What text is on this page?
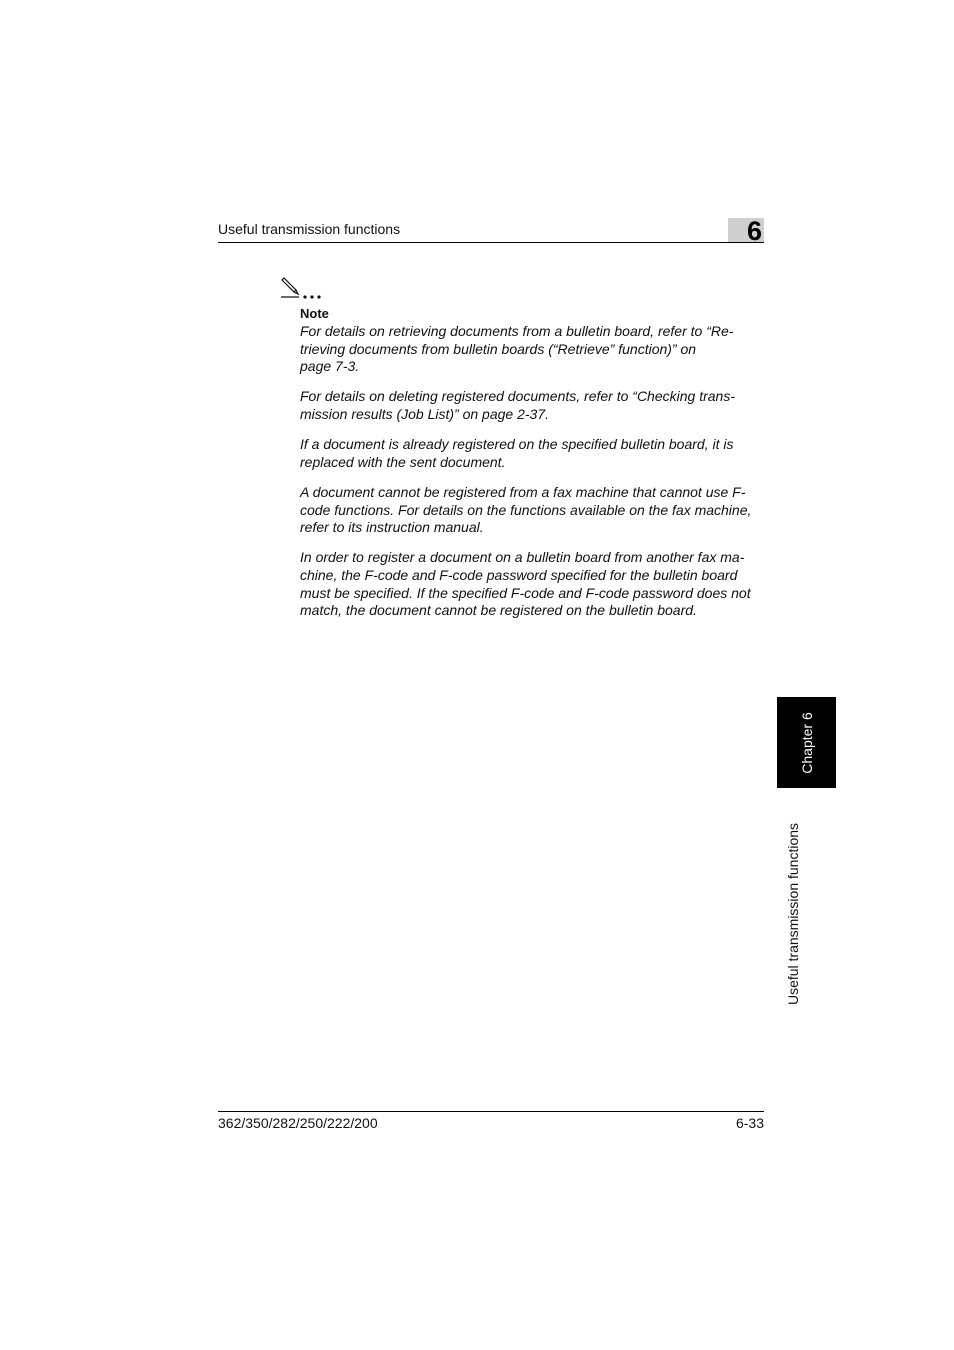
Useful transmission functions	6
Note

For details on retrieving documents from a bulletin board, refer to “Re-
trieving documents from bulletin boards (“Retrieve” function)” on
page 7-3.

For details on deleting registered documents, refer to “Checking trans-
mission results (Job List)” on page 2-37.

If a document is already registered on the specified bulletin board, it is
replaced with the sent document.

A document cannot be registered from a fax machine that cannot use F-
code functions. For details on the functions available on the fax machine,
refer to its instruction manual.

In order to register a document on a bulletin board from another fax ma-
chine, the F-code and F-code password specified for the bulletin board
must be specified. If the specified F-code and F-code password does not
match, the document cannot be registered on the bulletin board.

Chapter 6
Useful transmission functions
362/350/282/250/222/200	6-33
